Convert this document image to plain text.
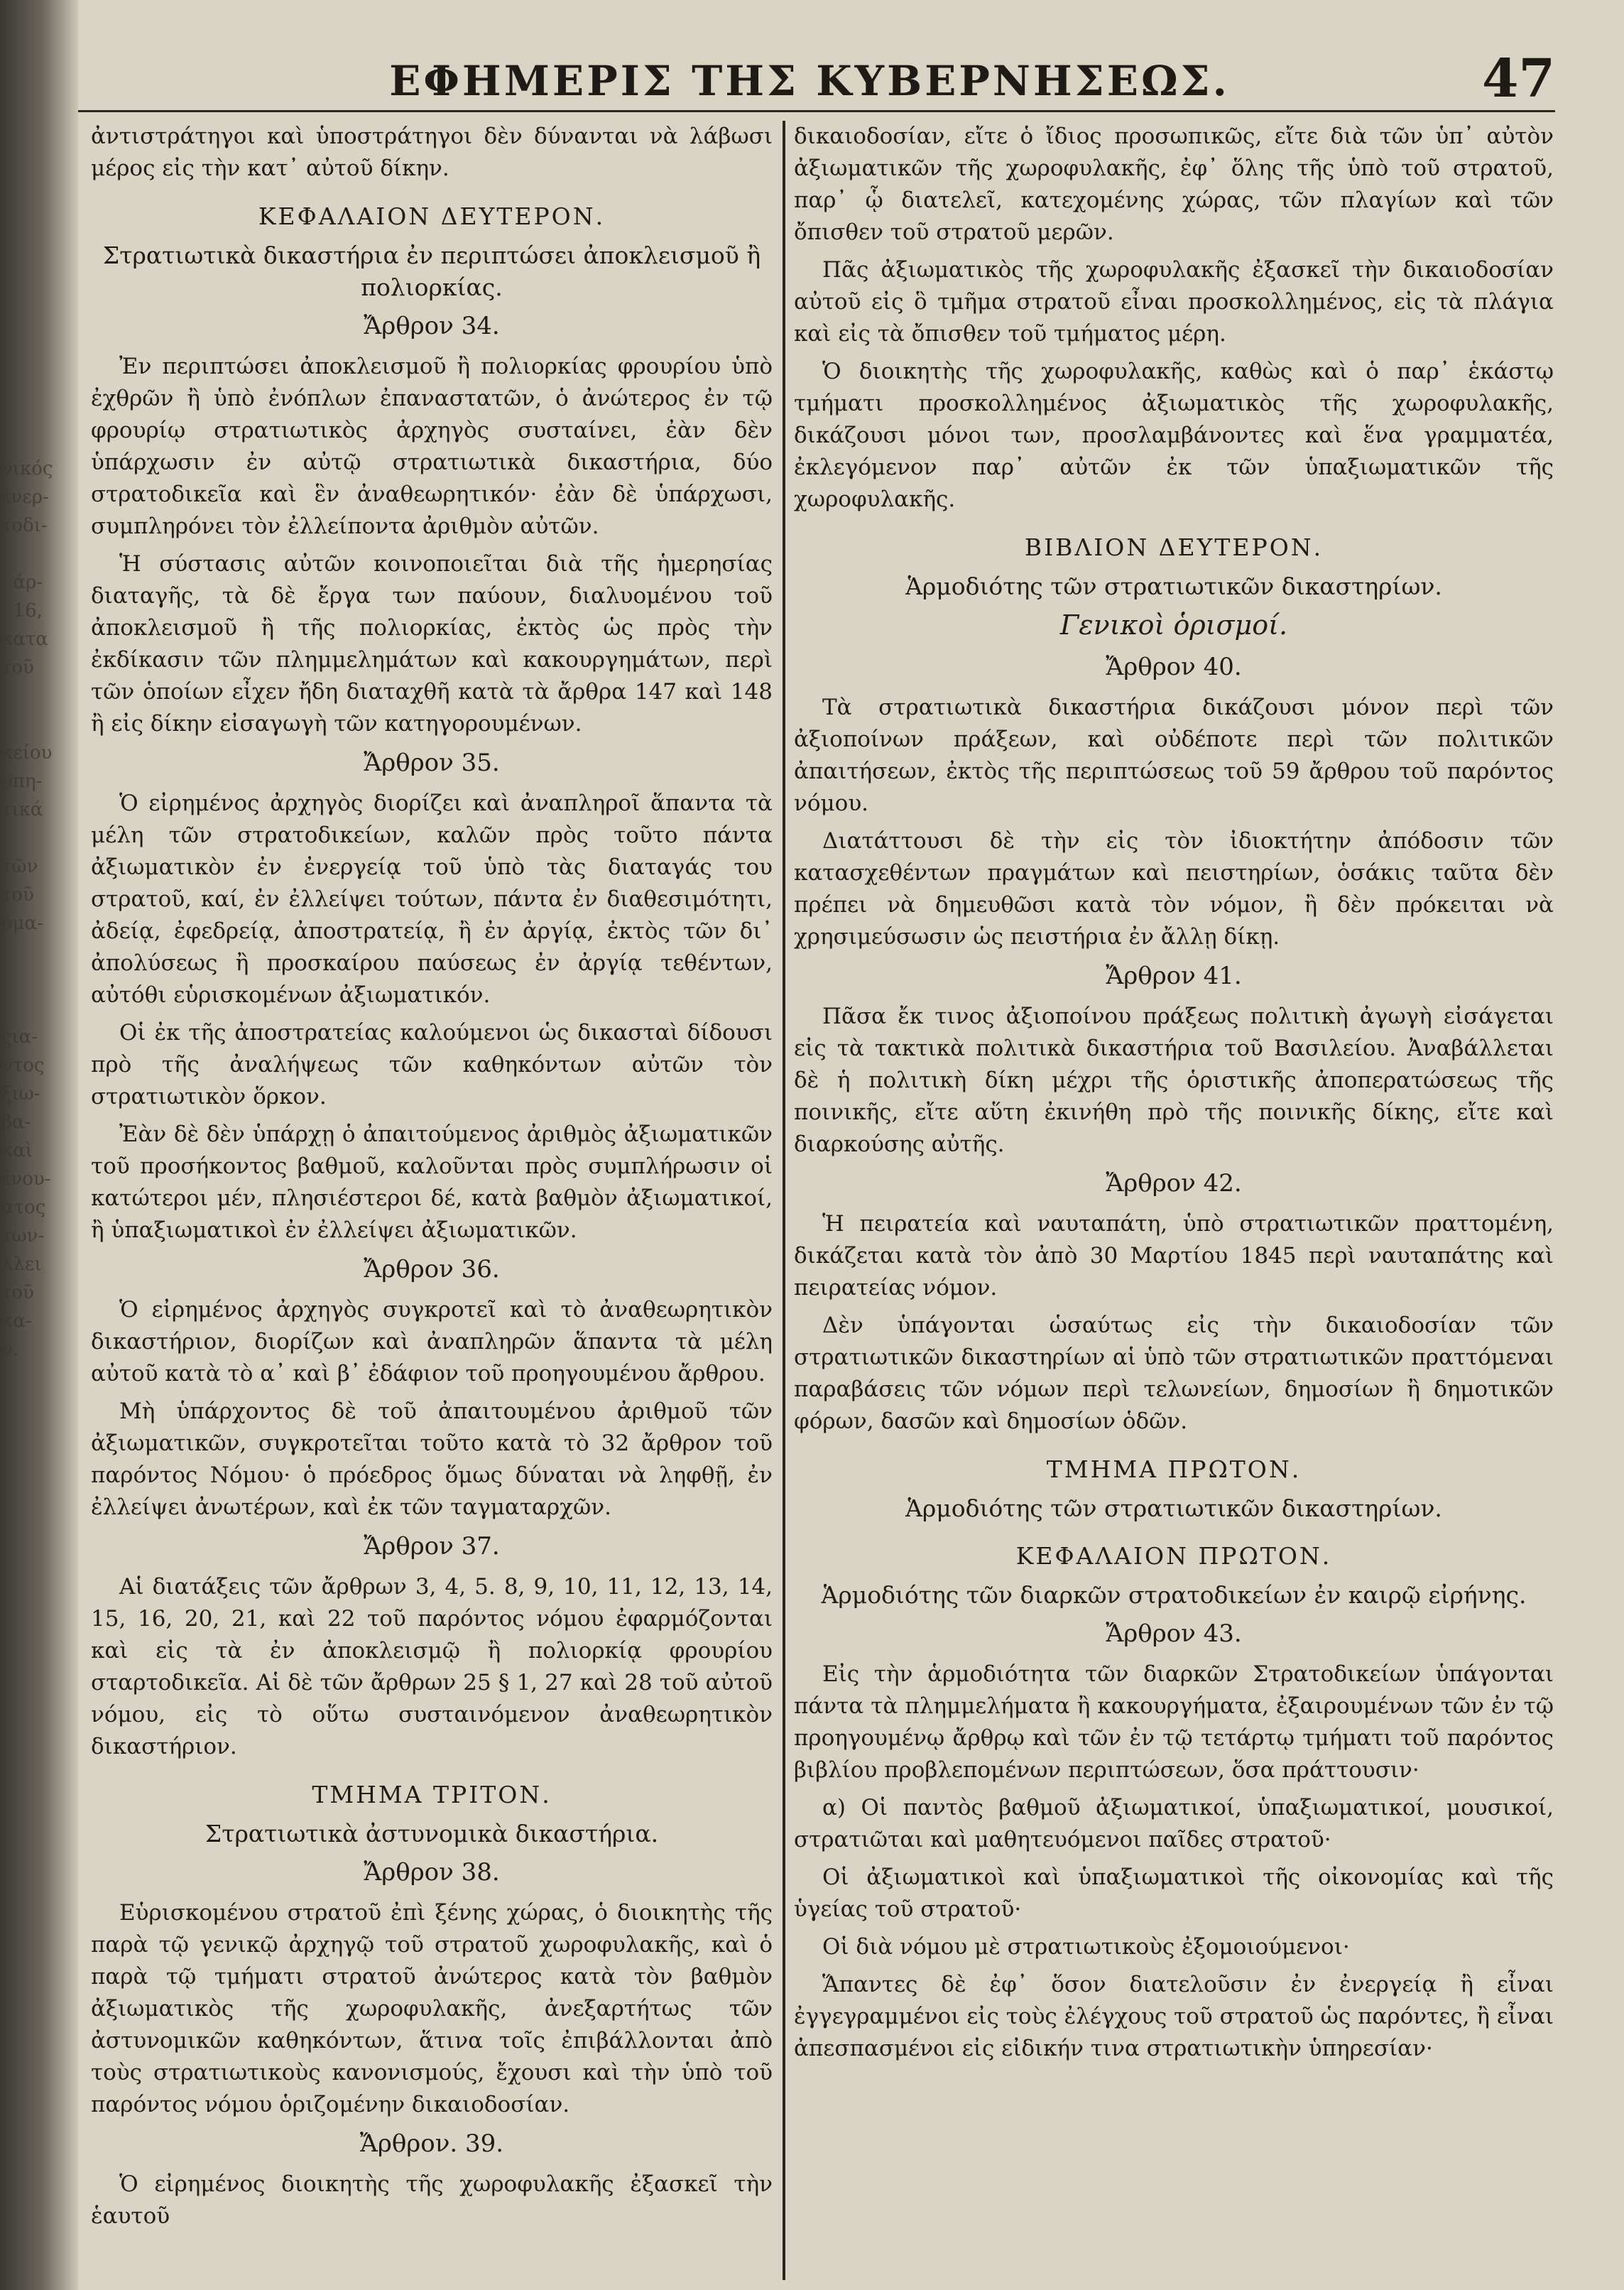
νικός
ένερ-
τοδι-

, άρ-
, 16,
κατα
τοῦ

κείου
υπη-
τικά

τῶν
τοῦ
όμα-

ςια-
ντος
ξιω-
βα-
καὶ
ένου-
ατος
των-
λλει
τοῦ
κα-
ν.
ΕΦΗΜΕΡΙΣ ΤΗΣ ΚΥΒΕΡΝΗΣΕΩΣ.	47

ἀντιστράτηγοι καὶ ὑποστράτηγοι δὲν δύνανται νὰ λάβωσι μέρος εἰς τὴν κατ᾽ αὐτοῦ δίκην.

ΚΕΦΑΛΑΙΟΝ ΔΕΥΤΕΡΟΝ.
Στρατιωτικὰ δικαστήρια ἐν περιπτώσει ἀποκλεισμοῦ ἢ πολιορκίας.
Ἄρθρον 34.

Ἐν περιπτώσει ἀποκλεισμοῦ ἢ πολιορκίας φρουρίου ὑπὸ ἐχθρῶν ἢ ὑπὸ ἐνόπλων ἐπαναστατῶν, ὁ ἀνώτερος ἐν τῷ φρουρίῳ στρατιωτικὸς ἀρχηγὸς συσταίνει, ἐὰν δὲν ὑπάρχωσιν ἐν αὐτῷ στρατιωτικὰ δικαστήρια, δύο στρατοδικεῖα καὶ ἓν ἀναθεωρητικόν· ἐὰν δὲ ὑπάρχωσι, συμπληρόνει τὸν ἐλλείποντα ἀριθμὸν αὐτῶν.

Ἡ σύστασις αὐτῶν κοινοποιεῖται διὰ τῆς ἡμερησίας διαταγῆς, τὰ δὲ ἔργα των παύουν, διαλυομένου τοῦ ἀποκλεισμοῦ ἢ τῆς πολιορκίας, ἐκτὸς ὡς πρὸς τὴν ἐκδίκασιν τῶν πλημμελημάτων καὶ κακουργημάτων, περὶ τῶν ὁποίων εἶχεν ἤδη διαταχθῆ κατὰ τὰ ἄρθρα 147 καὶ 148 ἢ εἰς δίκην εἰσαγωγὴ τῶν κατηγορουμένων.

Ἄρθρον 35.

Ὁ εἰρημένος ἀρχηγὸς διορίζει καὶ ἀναπληροῖ ἅπαντα τὰ μέλη τῶν στρατοδικείων, καλῶν πρὸς τοῦτο πάντα ἀξιωματικὸν ἐν ἐνεργείᾳ τοῦ ὑπὸ τὰς διαταγάς του στρατοῦ, καί, ἐν ἐλλείψει τούτων, πάντα ἐν διαθεσιμότητι, ἀδείᾳ, ἐφεδρείᾳ, ἀποστρατείᾳ, ἢ ἐν ἀργίᾳ, ἐκτὸς τῶν δι᾽ ἀπολύσεως ἢ προσκαίρου παύσεως ἐν ἀργίᾳ τεθέντων, αὐτόθι εὑρισκομένων ἀξιωματικόν.

Οἱ ἐκ τῆς ἀποστρατείας καλούμενοι ὡς δικασταὶ δίδουσι πρὸ τῆς ἀναλήψεως τῶν καθηκόντων αὐτῶν τὸν στρατιωτικὸν ὅρκον.

Ἐὰν δὲ δὲν ὑπάρχῃ ὁ ἀπαιτούμενος ἀριθμὸς ἀξιωματικῶν τοῦ προσήκοντος βαθμοῦ, καλοῦνται πρὸς συμπλήρωσιν οἱ κατώτεροι μέν, πλησιέστεροι δέ, κατὰ βαθμὸν ἀξιωματικοί, ἢ ὑπαξιωματικοὶ ἐν ἐλλείψει ἀξιωματικῶν.

Ἄρθρον 36.

Ὁ εἰρημένος ἀρχηγὸς συγκροτεῖ καὶ τὸ ἀναθεωρητικὸν δικαστήριον, διορίζων καὶ ἀναπληρῶν ἅπαντα τὰ μέλη αὐτοῦ κατὰ τὸ α᾽ καὶ β᾽ ἐδάφιον τοῦ προηγουμένου ἄρθρου.

Μὴ ὑπάρχοντος δὲ τοῦ ἀπαιτουμένου ἀριθμοῦ τῶν ἀξιωματικῶν, συγκροτεῖται τοῦτο κατὰ τὸ 32 ἄρθρον τοῦ παρόντος Νόμου· ὁ πρόεδρος ὅμως δύναται νὰ ληφθῇ, ἐν ἐλλείψει ἀνωτέρων, καὶ ἐκ τῶν ταγματαρχῶν.

Ἄρθρον 37.

Αἱ διατάξεις τῶν ἄρθρων 3, 4, 5. 8, 9, 10, 11, 12, 13, 14, 15, 16, 20, 21, καὶ 22 τοῦ παρόντος νόμου ἐφαρμόζονται καὶ εἰς τὰ ἐν ἀποκλεισμῷ ἢ πολιορκίᾳ φρουρίου σταρτοδικεῖα. Αἱ δὲ τῶν ἄρθρων 25 § 1, 27 καὶ 28 τοῦ αὐτοῦ νόμου, εἰς τὸ οὕτω συσταινόμενον ἀναθεωρητικὸν δικαστήριον.

ΤΜΗΜΑ ΤΡΙΤΟΝ.
Στρατιωτικὰ ἀστυνομικὰ δικαστήρια.
Ἄρθρον 38.

Εὑρισκομένου στρατοῦ ἐπὶ ξένης χώρας, ὁ διοικητὴς τῆς παρὰ τῷ γενικῷ ἀρχηγῷ τοῦ στρατοῦ χωροφυλακῆς, καὶ ὁ παρὰ τῷ τμήματι στρατοῦ ἀνώτερος κατὰ τὸν βαθμὸν ἀξιωματικὸς τῆς χωροφυλακῆς, ἀνεξαρτήτως τῶν ἀστυνομικῶν καθηκόντων, ἅτινα τοῖς ἐπιβάλλονται ἀπὸ τοὺς στρατιωτικοὺς κανονισμούς, ἔχουσι καὶ τὴν ὑπὸ τοῦ παρόντος νόμου ὁριζομένην δικαιοδοσίαν.

Ἄρθρον. 39.

Ὁ εἰρημένος διοικητὴς τῆς χωροφυλακῆς ἐξασκεῖ τὴν ἑαυτοῦ

δικαιοδοσίαν, εἴτε ὁ ἴδιος προσωπικῶς, εἴτε διὰ τῶν ὑπ᾽ αὐτὸν ἀξιωματικῶν τῆς χωροφυλακῆς, ἐφ᾽ ὅλης τῆς ὑπὸ τοῦ στρατοῦ, παρ᾽ ᾧ διατελεῖ, κατεχομένης χώρας, τῶν πλαγίων καὶ τῶν ὄπισθεν τοῦ στρατοῦ μερῶν.

Πᾶς ἀξιωματικὸς τῆς χωροφυλακῆς ἐξασκεῖ τὴν δικαιοδοσίαν αὐτοῦ εἰς ὃ τμῆμα στρατοῦ εἶναι προσκολλημένος, εἰς τὰ πλάγια καὶ εἰς τὰ ὄπισθεν τοῦ τμήματος μέρη.

Ὁ διοικητὴς τῆς χωροφυλακῆς, καθὼς καὶ ὁ παρ᾽ ἑκάστῳ τμήματι προσκολλημένος ἀξιωματικὸς τῆς χωροφυλακῆς, δικάζουσι μόνοι των, προσλαμβάνοντες καὶ ἕνα γραμματέα, ἐκλεγόμενον παρ᾽ αὐτῶν ἐκ τῶν ὑπαξιωματικῶν τῆς χωροφυλακῆς.

ΒΙΒΛΙΟΝ ΔΕΥΤΕΡΟΝ.
Ἁρμοδιότης τῶν στρατιωτικῶν δικαστηρίων.
Γενικοὶ ὁρισμοί.
Ἄρθρον 40.

Τὰ στρατιωτικὰ δικαστήρια δικάζουσι μόνον περὶ τῶν ἀξιοποίνων πράξεων, καὶ οὐδέποτε περὶ τῶν πολιτικῶν ἀπαιτήσεων, ἐκτὸς τῆς περιπτώσεως τοῦ 59 ἄρθρου τοῦ παρόντος νόμου.

Διατάττουσι δὲ τὴν εἰς τὸν ἰδιοκτήτην ἀπόδοσιν τῶν κατασχεθέντων πραγμάτων καὶ πειστηρίων, ὁσάκις ταῦτα δὲν πρέπει νὰ δημευθῶσι κατὰ τὸν νόμον, ἢ δὲν πρόκειται νὰ χρησιμεύσωσιν ὡς πειστήρια ἐν ἄλλῃ δίκῃ.

Ἄρθρον 41.

Πᾶσα ἔκ τινος ἀξιοποίνου πράξεως πολιτικὴ ἀγωγὴ εἰσάγεται εἰς τὰ τακτικὰ πολιτικὰ δικαστήρια τοῦ Βασιλείου. Ἀναβάλλεται δὲ ἡ πολιτικὴ δίκη μέχρι τῆς ὁριστικῆς ἀποπερατώσεως τῆς ποινικῆς, εἴτε αὕτη ἐκινήθη πρὸ τῆς ποινικῆς δίκης, εἴτε καὶ διαρκούσης αὐτῆς.

Ἄρθρον 42.

Ἡ πειρατεία καὶ ναυταπάτη, ὑπὸ στρατιωτικῶν πραττομένη, δικάζεται κατὰ τὸν ἀπὸ 30 Μαρτίου 1845 περὶ ναυταπάτης καὶ πειρατείας νόμον.

Δὲν ὑπάγονται ὡσαύτως εἰς τὴν δικαιοδοσίαν τῶν στρατιωτικῶν δικαστηρίων αἱ ὑπὸ τῶν στρατιωτικῶν πραττόμεναι παραβάσεις τῶν νόμων περὶ τελωνείων, δημοσίων ἢ δημοτικῶν φόρων, δασῶν καὶ δημοσίων ὁδῶν.

ΤΜΗΜΑ ΠΡΩΤΟΝ.
Ἁρμοδιότης τῶν στρατιωτικῶν δικαστηρίων.
ΚΕΦΑΛΑΙΟΝ ΠΡΩΤΟΝ.
Ἁρμοδιότης τῶν διαρκῶν στρατοδικείων ἐν καιρῷ εἰρήνης.
Ἄρθρον 43.

Εἰς τὴν ἁρμοδιότητα τῶν διαρκῶν Στρατοδικείων ὑπάγονται πάντα τὰ πλημμελήματα ἢ κακουργήματα, ἐξαιρουμένων τῶν ἐν τῷ προηγουμένῳ ἄρθρῳ καὶ τῶν ἐν τῷ τετάρτῳ τμήματι τοῦ παρόντος βιβλίου προβλεπομένων περιπτώσεων, ὅσα πράττουσιν·

α) Οἱ παντὸς βαθμοῦ ἀξιωματικοί, ὑπαξιωματικοί, μουσικοί, στρατιῶται καὶ μαθητευόμενοι παῖδες στρατοῦ·
Οἱ ἀξιωματικοὶ καὶ ὑπαξιωματικοὶ τῆς οἰκονομίας καὶ τῆς ὑγείας τοῦ στρατοῦ·
Οἱ διὰ νόμου μὲ στρατιωτικοὺς ἐξομοιούμενοι·
Ἅπαντες δὲ ἐφ᾽ ὅσον διατελοῦσιν ἐν ἐνεργείᾳ ἢ εἶναι ἐγγεγραμμένοι εἰς τοὺς ἐλέγχους τοῦ στρατοῦ ὡς παρόντες, ἢ εἶναι ἀπεσπασμένοι εἰς εἰδικήν τινα στρατιωτικὴν ὑπηρεσίαν·
